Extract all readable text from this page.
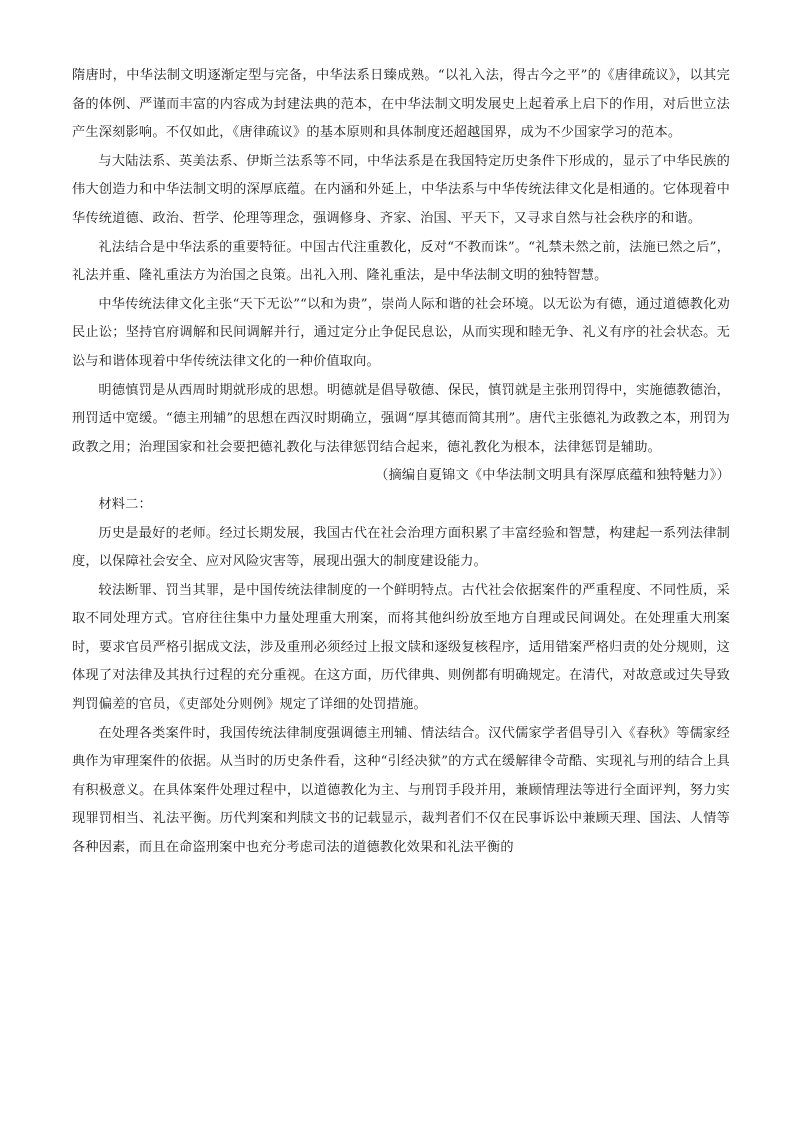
隋唐时，中华法制文明逐渐定型与完备，中华法系日臻成熟。“以礼入法，得古今之平”的《唐律疏议》，以其完备的体例、严谨而丰富的内容成为封建法典的范本，在中华法制文明发展史上起着承上启下的作用，对后世立法产生深刻影响。不仅如此，《唐律疏议》的基本原则和具体制度还超越国界，成为不少国家学习的范本。

与大陆法系、英美法系、伊斯兰法系等不同，中华法系是在我国特定历史条件下形成的，显示了中华民族的伟大创造力和中华法制文明的深厚底蕴。在内涵和外延上，中华法系与中华传统法律文化是相通的。它体现着中华传统道德、政治、哲学、伦理等理念，强调修身、齐家、治国、平天下，又寻求自然与社会秩序的和谐。

礼法结合是中华法系的重要特征。中国古代注重教化，反对“不教而诛”。“礼禁未然之前，法施已然之后”，礼法并重、隆礼重法方为治国之良策。出礼入刑、隆礼重法，是中华法制文明的独特智慧。

中华传统法律文化主张“天下无讼”“以和为贵”，崇尚人际和谐的社会环境。以无讼为有德，通过道德教化劝民止讼；坚持官府调解和民间调解并行，通过定分止争促民息讼，从而实现和睦无争、礼义有序的社会状态。无讼与和谐体现着中华传统法律文化的一种价值取向。

明德慎罚是从西周时期就形成的思想。明德就是倡导敬德、保民，慎罚就是主张刑罚得中，实施德教德治，刑罚适中宽缓。“德主刑辅”的思想在西汉时期确立，强调“厚其德而简其刑”。唐代主张德礼为政教之本，刑罚为政教之用；治理国家和社会要把德礼教化与法律惩罚结合起来，德礼教化为根本，法律惩罚是辅助。

（摘编自夏锦文《中华法制文明具有深厚底蕴和独特魅力》）

材料二：

历史是最好的老师。经过长期发展，我国古代在社会治理方面积累了丰富经验和智慧，构建起一系列法律制度，以保障社会安全、应对风险灾害等，展现出强大的制度建设能力。

较法断罪、罚当其罪，是中国传统法律制度的一个鲜明特点。古代社会依据案件的严重程度、不同性质，采取不同处理方式。官府往往集中力量处理重大刑案，而将其他纠纷放至地方自理或民间调处。在处理重大刑案时，要求官员严格引据成文法，涉及重刑必须经过上报文牍和逐级复核程序，适用错案严格归责的处分规则，这体现了对法律及其执行过程的充分重视。在这方面，历代律典、则例都有明确规定。在清代，对故意或过失导致判罚偏差的官员，《吏部处分则例》规定了详细的处罚措施。

在处理各类案件时，我国传统法律制度强调德主刑辅、情法结合。汉代儒家学者倡导引入《春秋》等儒家经典作为审理案件的依据。从当时的历史条件看，这种“引经决狱”的方式在缓解律令苛酷、实现礼与刑的结合上具有积极意义。在具体案件处理过程中，以道德教化为主、与刑罚手段并用，兼顾情理法等进行全面评判，努力实现罪罚相当、礼法平衡。历代判案和判牍文书的记载显示，裁判者们不仅在民事诉讼中兼顾天理、国法、人情等各种因素，而且在命盗刑案中也充分考虑司法的道德教化效果和礼法平衡的
